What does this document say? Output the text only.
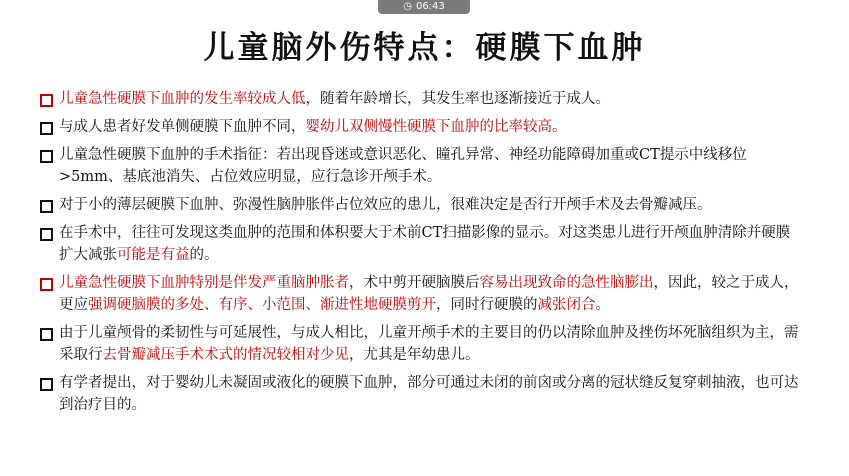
◷ 06:43 ▢ 24/33
儿童脑外伤特点：硬膜下血肿
儿童急性硬膜下血肿的发生率较成人低，随着年龄增长，其发生率也逐渐接近于成人。
与成人患者好发单侧硬膜下血肿不同，婴幼儿双侧慢性硬膜下血肿的比率较高。
儿童急性硬膜下血肿的手术指征：若出现昏迷或意识恶化、瞳孔异常、神经功能障碍加重或CT提示中线移位>5mm、基底池消失、占位效应明显，应行急诊开颅手术。
对于小的薄层硬膜下血肿、弥漫性脑肿胀伴占位效应的患儿，很难决定是否行开颅手术及去骨瓣减压。
在手术中，往往可发现这类血肿的范围和体积要大于术前CT扫描影像的显示。对这类患儿进行开颅血肿清除并硬膜扩大减张可能是有益的。
儿童急性硬膜下血肿特别是伴发严重脑肿胀者，术中剪开硬脑膜后容易出现致命的急性脑膨出，因此，较之于成人，更应强调硬脑膜的多处、有序、小范围、渐进性地硬膜剪开，同时行硬膜的减张闭合。
由于儿童颅骨的柔韧性与可延展性，与成人相比，儿童开颅手术的主要目的仍以清除血肿及挫伤坏死脑组织为主，需采取行去骨瓣减压手术术式的情况较相对少见，尤其是年幼患儿。
有学者提出，对于婴幼儿未凝固或液化的硬膜下血肿，部分可通过未闭的前囟或分离的冠状缝反复穿刺抽液，也可达到治疗目的。
